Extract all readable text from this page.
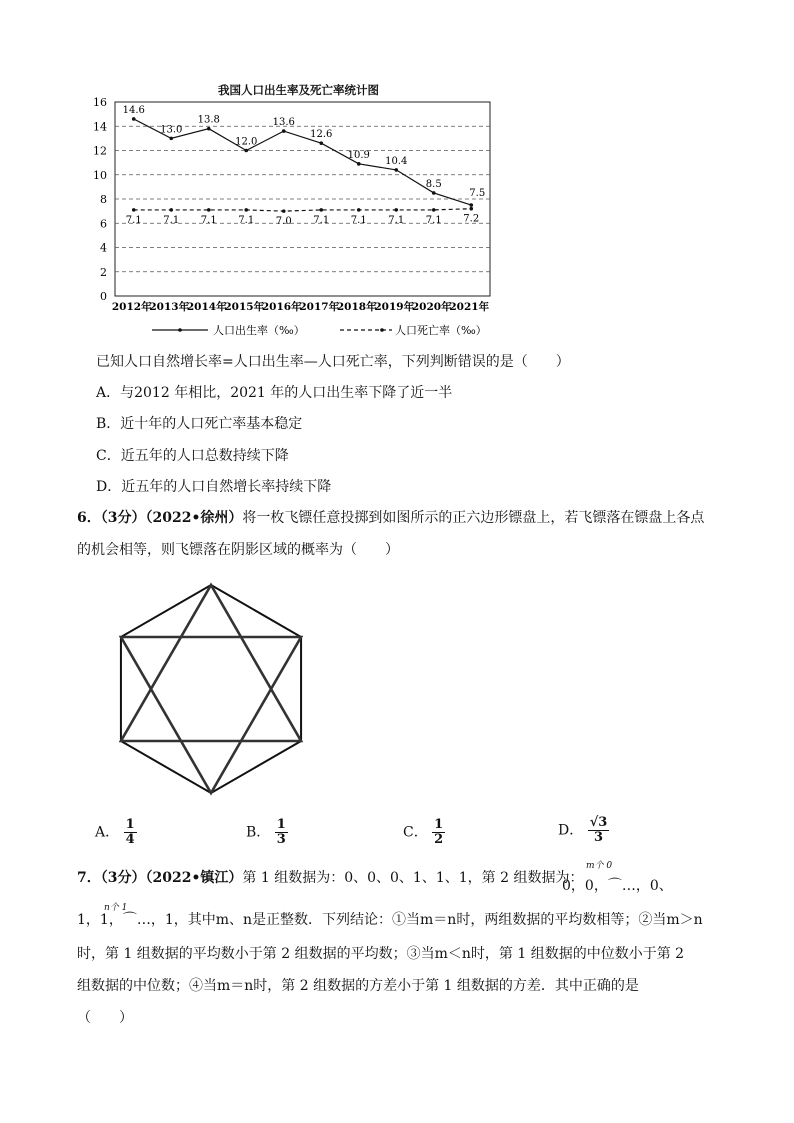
我国人口出生率及死亡率统计图
0
2
4
6
8
10
12
14
16
2012年
2013年
2014年
2015年
2016年
2017年
2018年
2019年
2020年
2021年
14.6
13.0
13.8
12.0
13.6
12.6
10.9
10.4
8.5
7.5
7.1 7.1 7.1 7.1 7.0 7.1 7.1 7.1 7.1 7.2
人口出生率（‰）	人口死亡率（‰）
已知人口自然增长率=人口出生率—人口死亡率，下列判断错误的是（　　）
A．与2012 年相比，2021 年的人口出生率下降了近一半
B．近十年的人口死亡率基本稳定
C．近五年的人口总数持续下降
D．近五年的人口自然增长率持续下降
6．（3分）（2022•徐州）将一枚飞镖任意投掷到如图所示的正六边形镖盘上，若飞镖落在镖盘上各点
的机会相等，则飞镖落在阴影区域的概率为（　　）
A． $\frac{1}{4}$	B． $\frac{1}{3}$	C． $\frac{1}{2}$	D． $\frac{√3}{3}$
7．（3分）（2022•镇江）第 1 组数据为：0、0、0、1、1、1，第 2 组数据为：
m个 0
0，0，⌒…，0、
n个 1
1，1，⌒…，1，其中m、n是正整数．下列结论：①当m＝n时，两组数据的平均数相等；②当m＞n
时，第 1 组数据的平均数小于第 2 组数据的平均数；③当m＜n时，第 1 组数据的中位数小于第 2
组数据的中位数；④当m＝n时，第 2 组数据的方差小于第 1 组数据的方差．其中正确的是
（　　）
